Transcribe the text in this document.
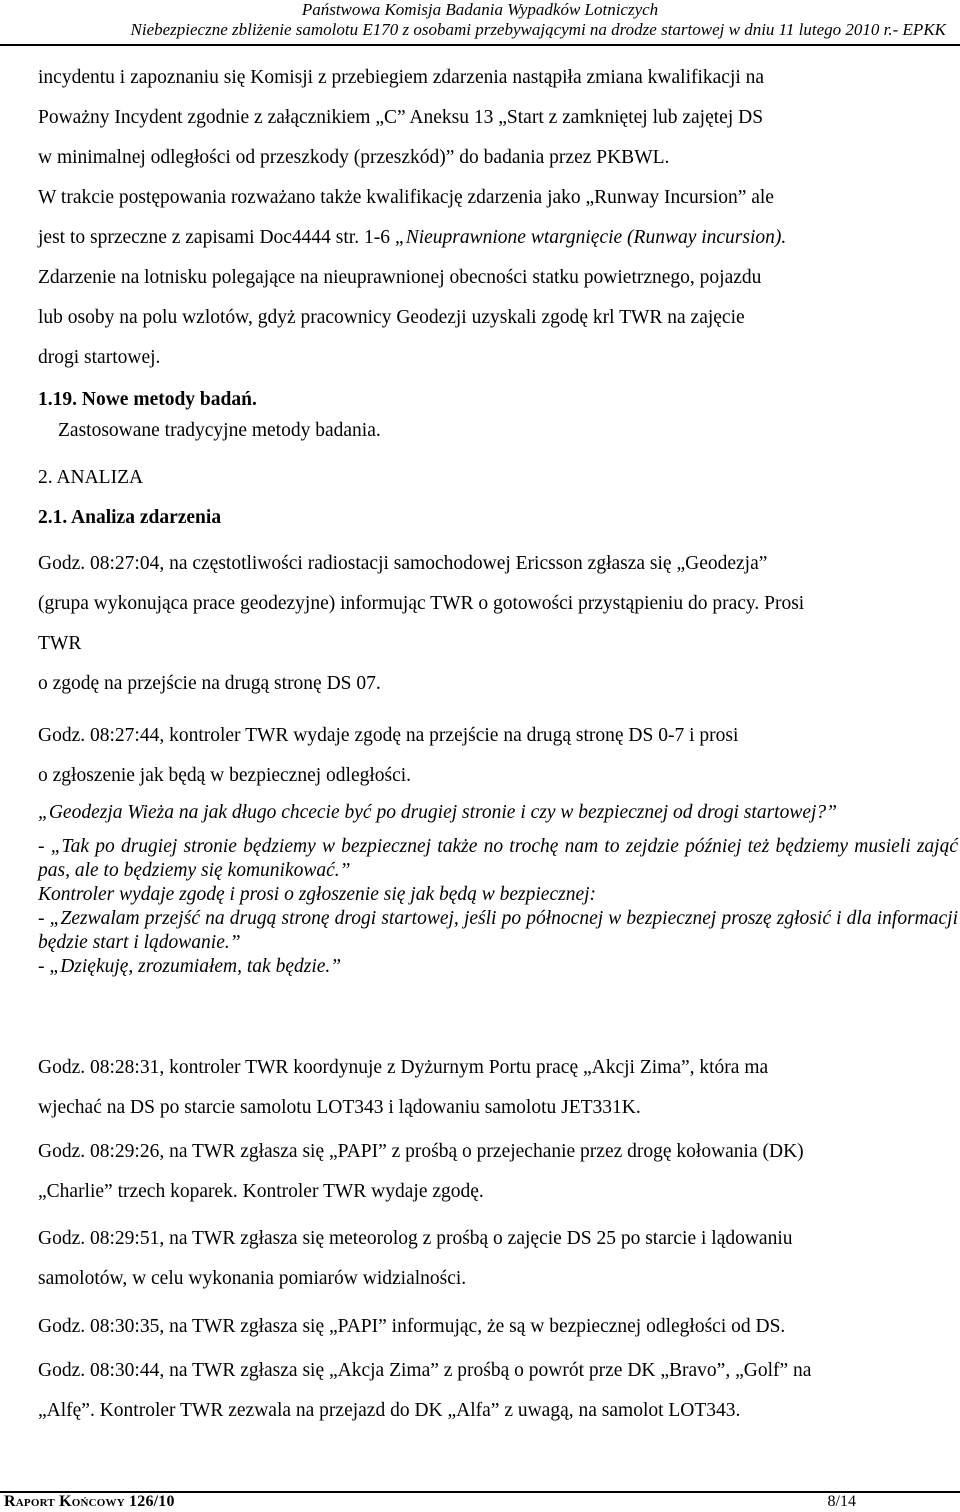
Państwowa Komisja Badania Wypadków Lotniczych
Niebezpieczne zbliżenie samolotu E170 z osobami przebywającymi na drodze startowej w dniu 11 lutego 2010 r.- EPKK

incydentu i zapoznaniu się Komisji z przebiegiem zdarzenia nastąpiła zmiana kwalifikacji na

Poważny Incydent zgodnie z załącznikiem „C” Aneksu 13 „Start z zamkniętej lub zajętej DS

w minimalnej odległości od przeszkody (przeszkód)” do badania przez PKBWL.

W trakcie postępowania rozważano także kwalifikację zdarzenia jako „Runway Incursion” ale

jest to sprzeczne z zapisami Doc4444 str. 1-6 „Nieuprawnione wtargnięcie (Runway incursion).

Zdarzenie na lotnisku polegające na nieuprawnionej obecności statku powietrznego, pojazdu

lub osoby na polu wzlotów, gdyż pracownicy Geodezji uzyskali zgodę krl TWR na zajęcie

drogi startowej.

1.19. Nowe metody badań.

Zastosowane tradycyjne metody badania.

2. ANALIZA

2.1. Analiza zdarzenia

Godz. 08:27:04, na częstotliwości radiostacji samochodowej Ericsson zgłasza się „Geodezja”

(grupa wykonująca prace geodezyjne) informując TWR o gotowości przystąpieniu do pracy. Prosi

TWR

o zgodę na przejście na drugą stronę DS 07.

Godz. 08:27:44, kontroler TWR wydaje zgodę na przejście na drugą stronę DS 0-7 i prosi

o zgłoszenie jak będą w bezpiecznej odległości.

„Geodezja Wieża na jak długo chcecie być po drugiej stronie i czy w bezpiecznej od drogi startowej?”

- „Tak po drugiej stronie będziemy w bezpiecznej także no trochę nam to zejdzie później też będziemy musieli zająć pas, ale to będziemy się komunikować.”

Kontroler wydaje zgodę i prosi o zgłoszenie się jak będą w bezpiecznej:

- „Zezwalam przejść na drugą stronę drogi startowej, jeśli po północnej w bezpiecznej proszę zgłosić i dla informacji będzie start i lądowanie.”

- „Dziękuję, zrozumiałem, tak będzie.”

Godz. 08:28:31, kontroler TWR koordynuje z Dyżurnym Portu pracę „Akcji Zima”, która ma

wjechać na DS po starcie samolotu LOT343 i lądowaniu samolotu JET331K.

Godz. 08:29:26, na TWR zgłasza się „PAPI” z prośbą o przejechanie przez drogę kołowania (DK)

„Charlie” trzech koparek. Kontroler TWR wydaje zgodę.

Godz. 08:29:51, na TWR zgłasza się meteorolog z prośbą o zajęcie DS 25 po starcie i lądowaniu

samolotów, w celu wykonania pomiarów widzialności.

Godz. 08:30:35, na TWR zgłasza się „PAPI” informując, że są w bezpiecznej odległości od DS.

Godz. 08:30:44, na TWR zgłasza się „Akcja Zima” z prośbą o powrót prze DK „Bravo”, „Golf” na

„Alfę”. Kontroler TWR zezwala na przejazd do DK „Alfa” z uwagą, na samolot LOT343.

Raport Końcowy 126/10	8/14
